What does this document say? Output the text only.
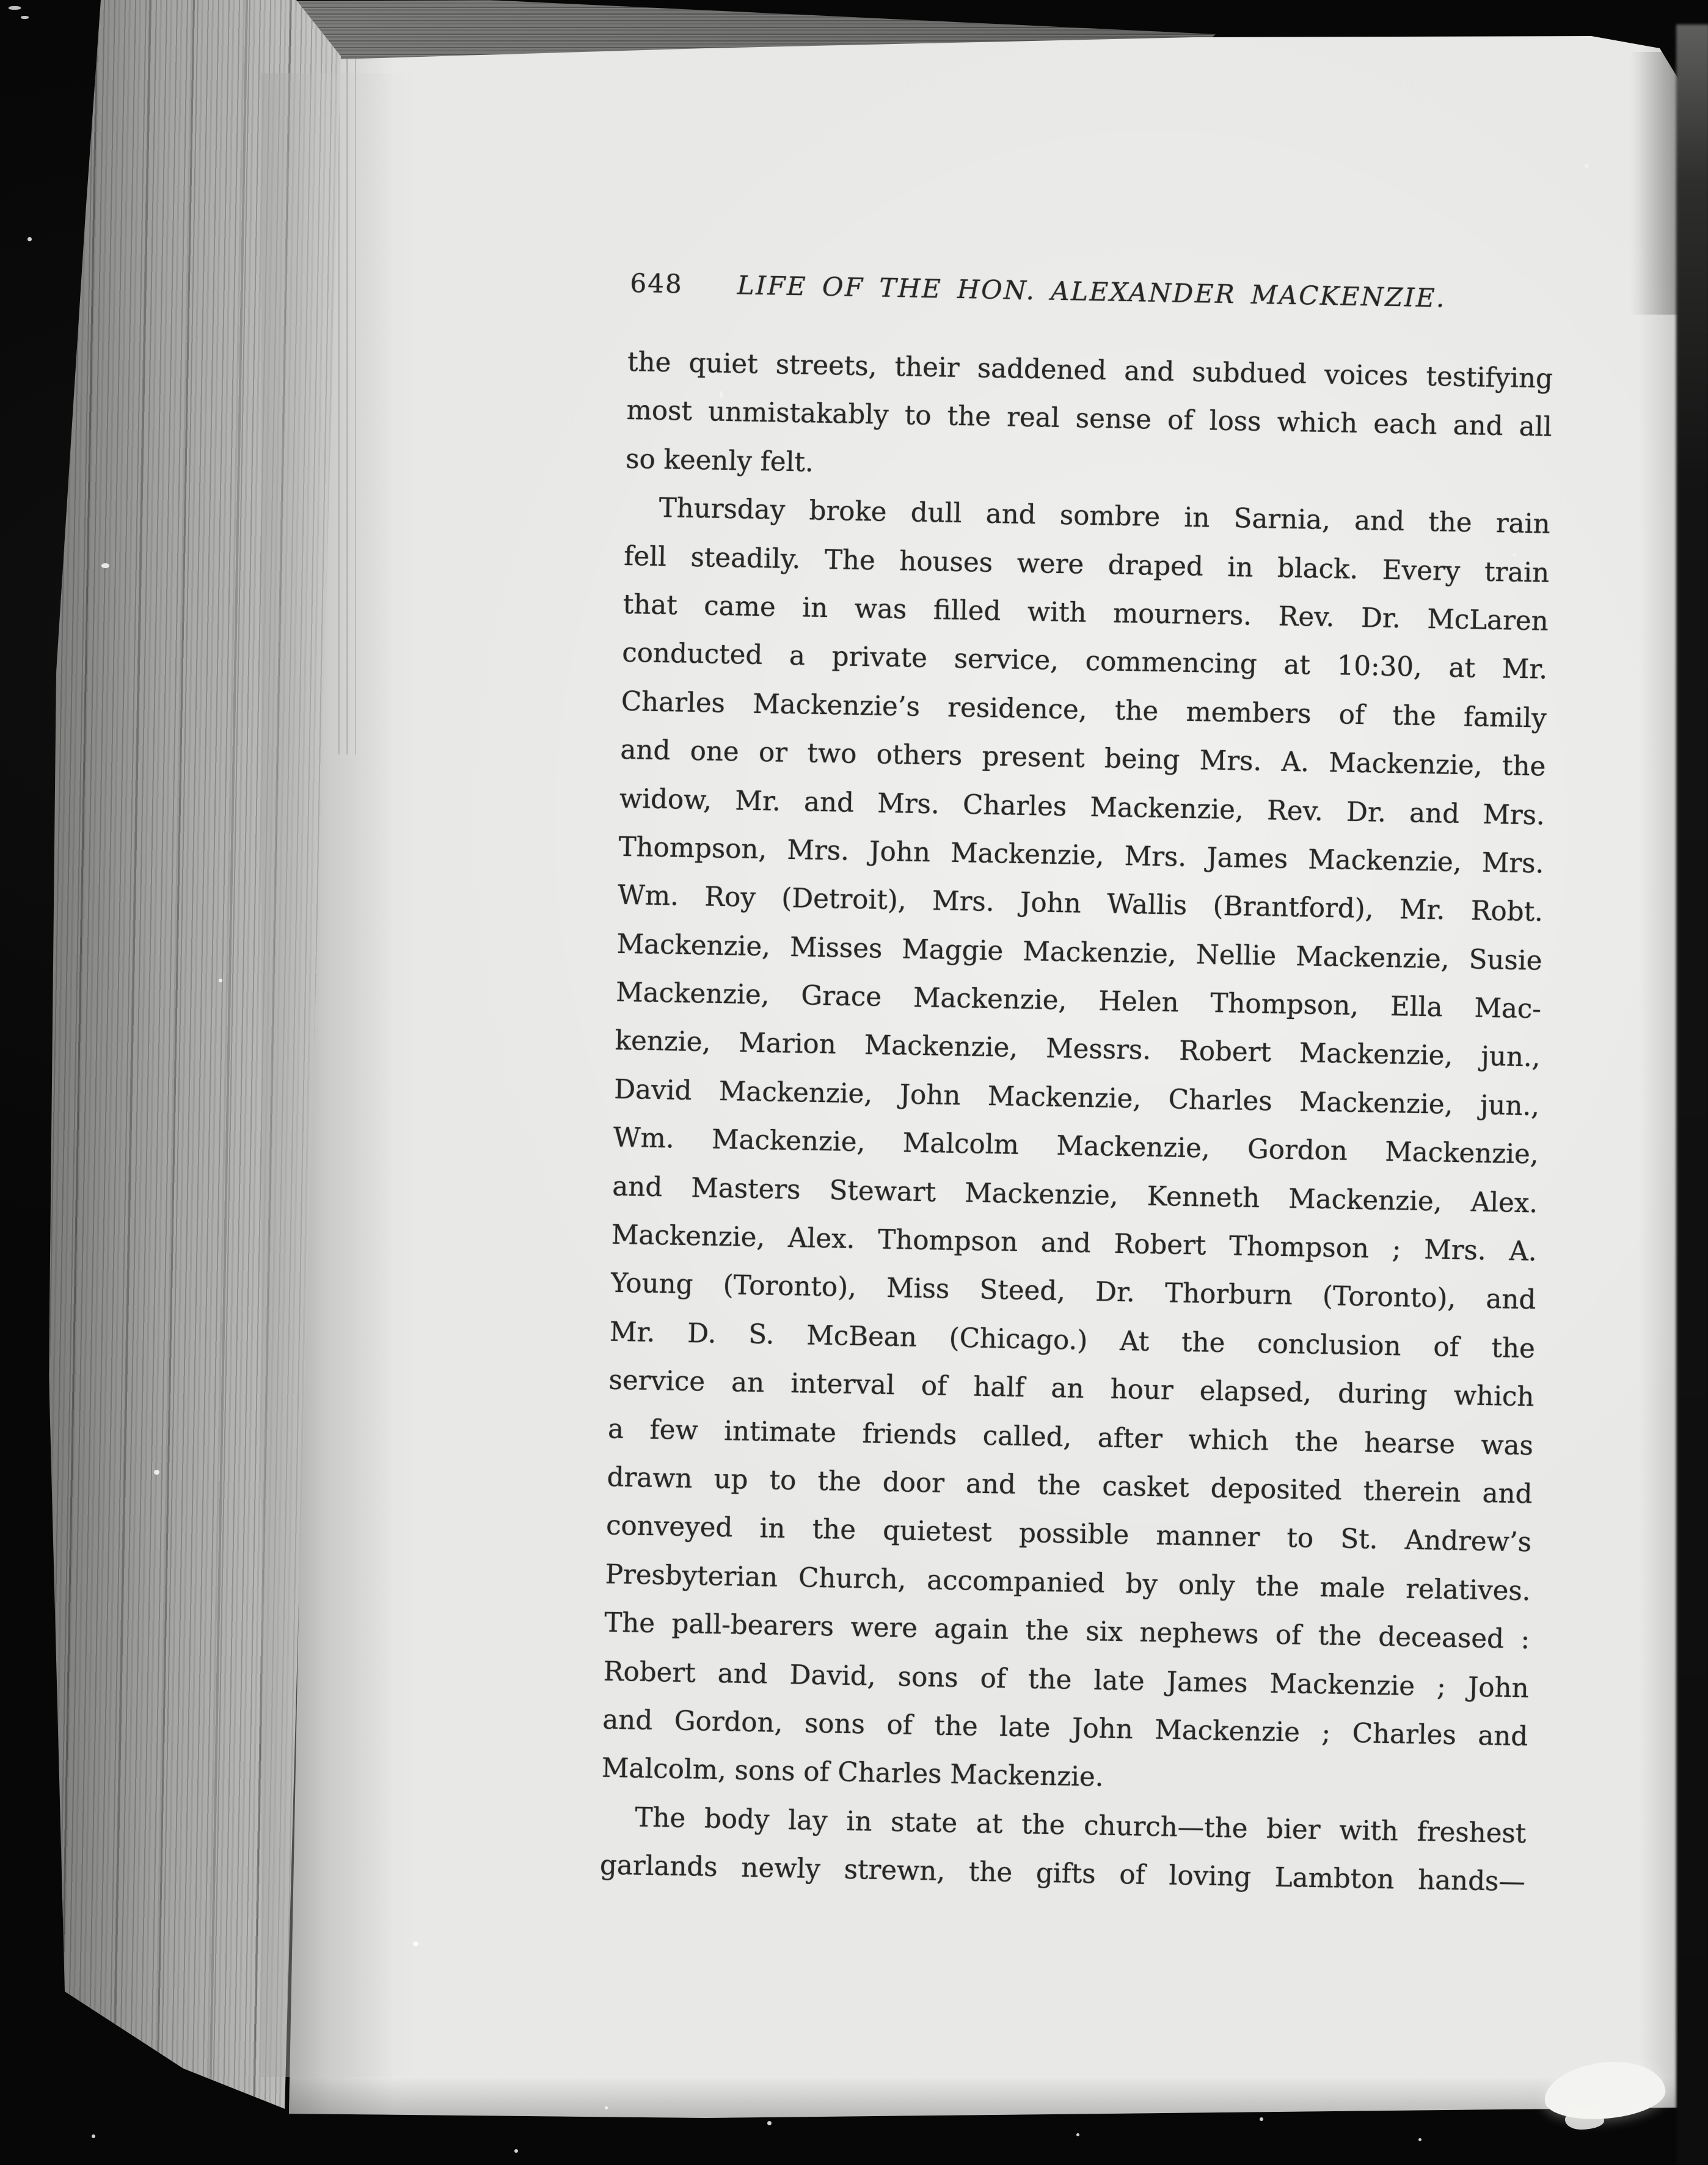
648	LIFE OF THE HON. ALEXANDER MACKENZIE.
the quiet streets, their saddened and subdued voices testifying
most unmistakably to the real sense of loss which each and all
so keenly felt.
Thursday broke dull and sombre in Sarnia, and the rain
fell steadily. The houses were draped in black. Every train
that came in was filled with mourners. Rev. Dr. McLaren
conducted a private service, commencing at 10:30, at Mr.
Charles Mackenzie’s residence, the members of the family
and one or two others present being Mrs. A. Mackenzie, the
widow, Mr. and Mrs. Charles Mackenzie, Rev. Dr. and Mrs.
Thompson, Mrs. John Mackenzie, Mrs. James Mackenzie, Mrs.
Wm. Roy (Detroit), Mrs. John Wallis (Brantford), Mr. Robt.
Mackenzie, Misses Maggie Mackenzie, Nellie Mackenzie, Susie
Mackenzie, Grace Mackenzie, Helen Thompson, Ella Mac-
kenzie, Marion Mackenzie, Messrs. Robert Mackenzie, jun.,
David Mackenzie, John Mackenzie, Charles Mackenzie, jun.,
Wm. Mackenzie, Malcolm Mackenzie, Gordon Mackenzie,
and Masters Stewart Mackenzie, Kenneth Mackenzie, Alex.
Mackenzie, Alex. Thompson and Robert Thompson ; Mrs. A.
Young (Toronto), Miss Steed, Dr. Thorburn (Toronto), and
Mr. D. S. McBean (Chicago.) At the conclusion of the
service an interval of half an hour elapsed, during which
a few intimate friends called, after which the hearse was
drawn up to the door and the casket deposited therein and
conveyed in the quietest possible manner to St. Andrew’s
Presbyterian Church, accompanied by only the male relatives.
The pall-bearers were again the six nephews of the deceased :
Robert and David, sons of the late James Mackenzie ; John
and Gordon, sons of the late John Mackenzie ; Charles and
Malcolm, sons of Charles Mackenzie.
The body lay in state at the church—the bier with freshest
garlands newly strewn, the gifts of loving Lambton hands—
